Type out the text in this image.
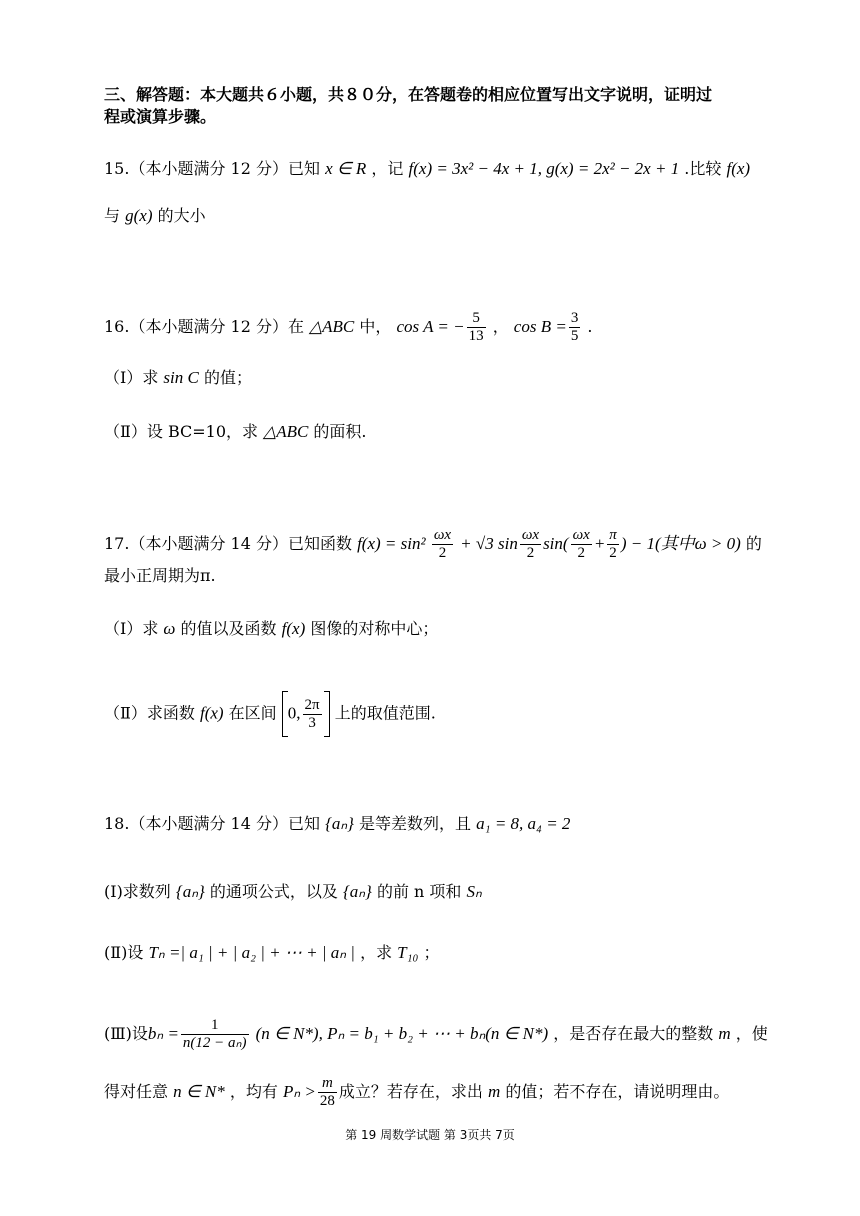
三、解答题：本大题共６小题，共８０分，在答题卷的相应位置写出文字说明，证明过
程或演算步骤。
15.（本小题满分 12 分）已知 x ∈ R ，记 f(x) = 3x² − 4x + 1, g(x) = 2x² − 2x + 1 .比较 f(x)
与 g(x) 的大小
16.（本小题满分 12 分）在 △ABC 中， cos A = − $\frac{5}{13}$ ， $\cos B = \frac{3}{5}$ .
（Ⅰ）求 sin C 的值；
（Ⅱ）设 BC=10，求 △ABC 的面积.
17.（本小题满分 14 分）已知函数 $f(x) = \sin^2 \frac{\omega x}{2} + √3$ $\sin \frac{\omega x}{2} \sin( \frac{\omega x}{2} + \frac{\pi}{2}$ ) − 1(其中ω > 0) 的
最小正周期为π.
（Ⅰ）求 ω 的值以及函数 f(x) 图像的对称中心；
（Ⅱ）求函数 f(x) 在区间 0, $\frac{2\pi}{3}$ 上的取值范围.
18.（本小题满分 14 分）已知 {aₙ} 是等差数列，且 a₁ = 8, a₄ = 2
(Ⅰ)求数列 {aₙ} 的通项公式，以及 {aₙ} 的前 n 项和 Sₙ
(Ⅱ)设 Tₙ =| a₁ | + | a₂ | + ⋯ + | aₙ | ，求 T₁₀ ；
(Ⅲ)设$b_n = \frac{1}{\text{n(12 − aₙ)}} (n$ ∈ N*), Pₙ = b₁ + b₂ + ⋯ + bₙ(n ∈ N*) ，是否存在最大的整数 m ，使
得对任意 n ∈ N* ，均有 $P_n > \frac{m}{28}$ 成立？若存在，求出 m 的值；若不存在，请说明理由。
第 19 周数学试题 第 3页共 7页
